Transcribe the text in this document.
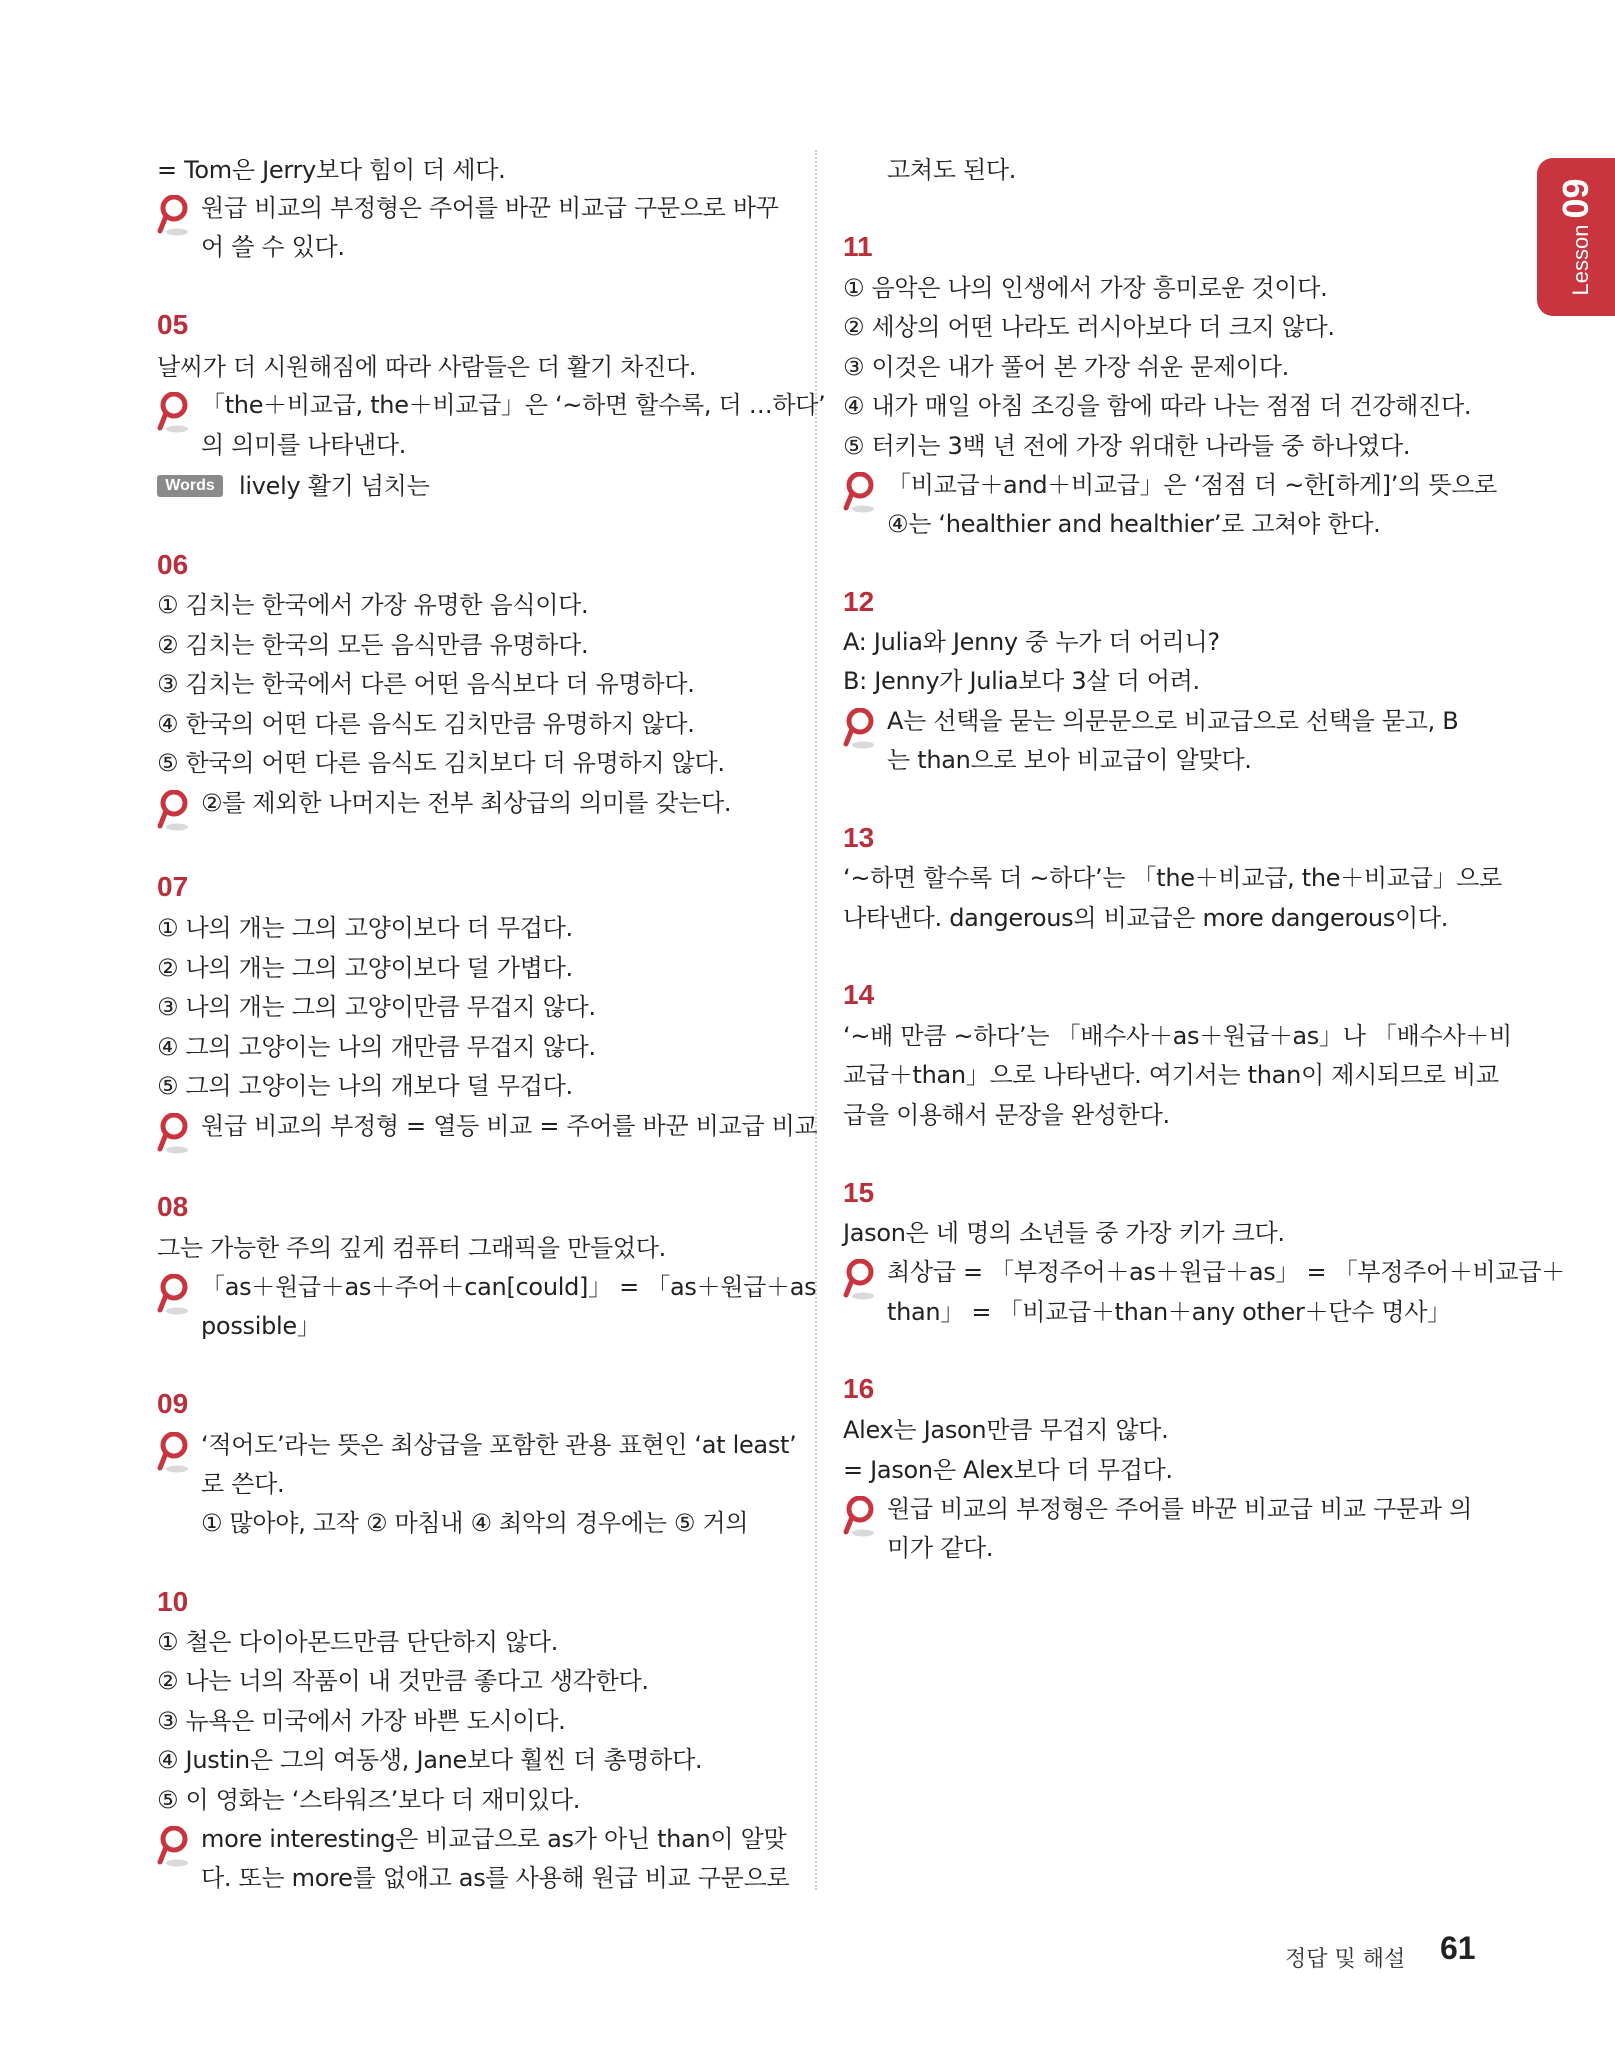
Lesson09
= Tom은 Jerry보다 힘이 더 세다.
원급 비교의 부정형은 주어를 바꾼 비교급 구문으로 바꾸
어 쓸 수 있다.
05
날씨가 더 시원해짐에 따라 사람들은 더 활기 차진다.
「the＋비교급, the＋비교급」은 ‘~하면 할수록, 더 …하다’
의 의미를 나타낸다.
Words	lively 활기 넘치는
06
① 김치는 한국에서 가장 유명한 음식이다.
② 김치는 한국의 모든 음식만큼 유명하다.
③ 김치는 한국에서 다른 어떤 음식보다 더 유명하다.
④ 한국의 어떤 다른 음식도 김치만큼 유명하지 않다.
⑤ 한국의 어떤 다른 음식도 김치보다 더 유명하지 않다.
②를 제외한 나머지는 전부 최상급의 의미를 갖는다.
07
① 나의 개는 그의 고양이보다 더 무겁다.
② 나의 개는 그의 고양이보다 덜 가볍다.
③ 나의 개는 그의 고양이만큼 무겁지 않다.
④ 그의 고양이는 나의 개만큼 무겁지 않다.
⑤ 그의 고양이는 나의 개보다 덜 무겁다.
원급 비교의 부정형 = 열등 비교 = 주어를 바꾼 비교급 비교
08
그는 가능한 주의 깊게 컴퓨터 그래픽을 만들었다.
「as＋원급＋as＋주어＋can[could]」 = 「as＋원급＋as
possible」
09
‘적어도’라는 뜻은 최상급을 포함한 관용 표현인 ‘at least’
로 쓴다.
① 많아야, 고작 ② 마침내 ④ 최악의 경우에는 ⑤ 거의
10
① 철은 다이아몬드만큼 단단하지 않다.
② 나는 너의 작품이 내 것만큼 좋다고 생각한다.
③ 뉴욕은 미국에서 가장 바쁜 도시이다.
④ Justin은 그의 여동생, Jane보다 훨씬 더 총명하다.
⑤ 이 영화는 ‘스타워즈’보다 더 재미있다.
more interesting은 비교급으로 as가 아닌 than이 알맞
다. 또는 more를 없애고 as를 사용해 원급 비교 구문으로
고쳐도 된다.
11
① 음악은 나의 인생에서 가장 흥미로운 것이다.
② 세상의 어떤 나라도 러시아보다 더 크지 않다.
③ 이것은 내가 풀어 본 가장 쉬운 문제이다.
④ 내가 매일 아침 조깅을 함에 따라 나는 점점 더 건강해진다.
⑤ 터키는 3백 년 전에 가장 위대한 나라들 중 하나였다.
「비교급＋and＋비교급」은 ‘점점 더 ~한[하게]’의 뜻으로
④는 ‘healthier and healthier’로 고쳐야 한다.
12
A: Julia와 Jenny 중 누가 더 어리니?
B: Jenny가 Julia보다 3살 더 어려.
A는 선택을 묻는 의문문으로 비교급으로 선택을 묻고, B
는 than으로 보아 비교급이 알맞다.
13
‘~하면 할수록 더 ~하다’는 「the＋비교급, the＋비교급」으로
나타낸다. dangerous의 비교급은 more dangerous이다.
14
‘~배 만큼 ~하다’는 「배수사＋as＋원급＋as」나 「배수사＋비
교급＋than」으로 나타낸다. 여기서는 than이 제시되므로 비교
급을 이용해서 문장을 완성한다.
15
Jason은 네 명의 소년들 중 가장 키가 크다.
최상급 = 「부정주어＋as＋원급＋as」 = 「부정주어＋비교급＋
than」 = 「비교급＋than＋any other＋단수 명사」
16
Alex는 Jason만큼 무겁지 않다.
= Jason은 Alex보다 더 무겁다.
원급 비교의 부정형은 주어를 바꾼 비교급 비교 구문과 의
미가 같다.
정답 및 해설 61
